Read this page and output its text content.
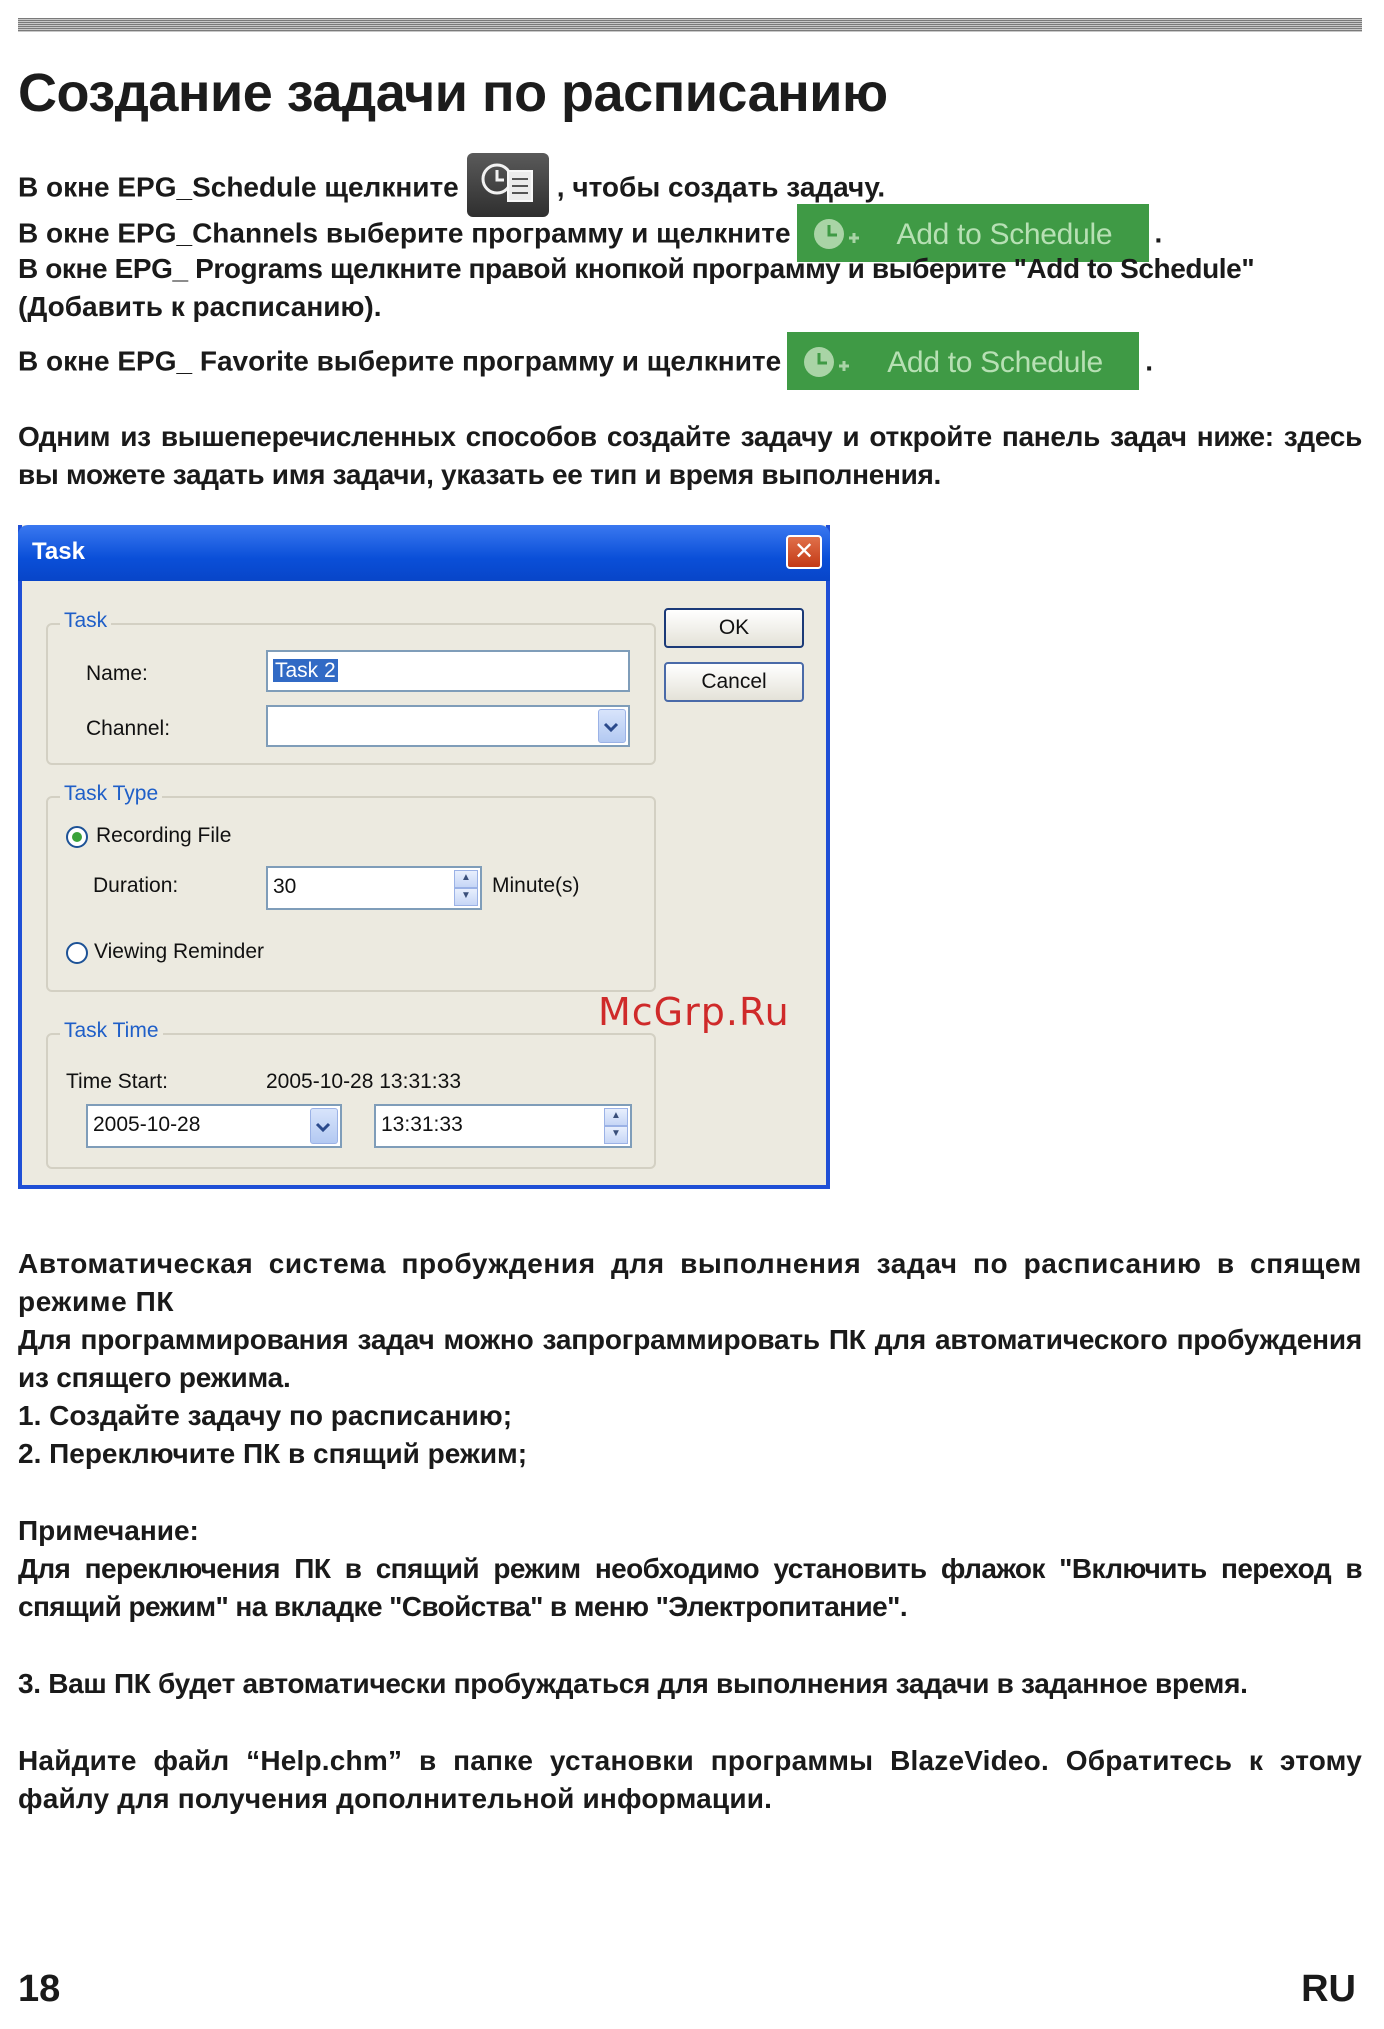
Создание задачи по расписанию

В окне EPG_Schedule щелкните	, чтобы создать задачу.

В окне EPG_Channels выберите программу и щелкните	Add to Schedule .

В окне EPG_ Programs щелкните правой кнопкой программу и выберите "Add to Schedule"

(Добавить к расписанию).

В окне EPG_ Favorite выберите программу и щелкните	Add to Schedule .

Одним из вышеперечисленных способов создайте задачу и откройте панель задач ниже: здесь вы можете задать имя задачи, указать ее тип и время выполнения.

Task	✕
Task
Name:	Task 2
Channel:
OK
Cancel
Task Type
Recording File
Duration:	30	▲
▼	Minute(s)
Viewing Reminder
Task Time
Time Start:	2005-10-28 13:31:33
2005-10-28	13:31:33	▲
▼
McGrp.Ru

Автоматическая система пробуждения для выполнения задач по расписанию в спящем режиме ПК

Для программирования задач можно запрограммировать ПК для автоматического пробуждения из спящего режима.

1. Создайте задачу по расписанию;

2. Переключите ПК в спящий режим;

Примечание:

Для переключения ПК в спящий режим необходимо установить флажок "Включить переход в спящий режим" на вкладке "Свойства" в меню "Электропитание".

3. Ваш ПК будет автоматически пробуждаться для выполнения задачи в заданное время.

Найдите файл “Help.chm” в папке установки программы BlazeVideo. Обратитесь к этому файлу для получения дополнительной информации.

18	RU
